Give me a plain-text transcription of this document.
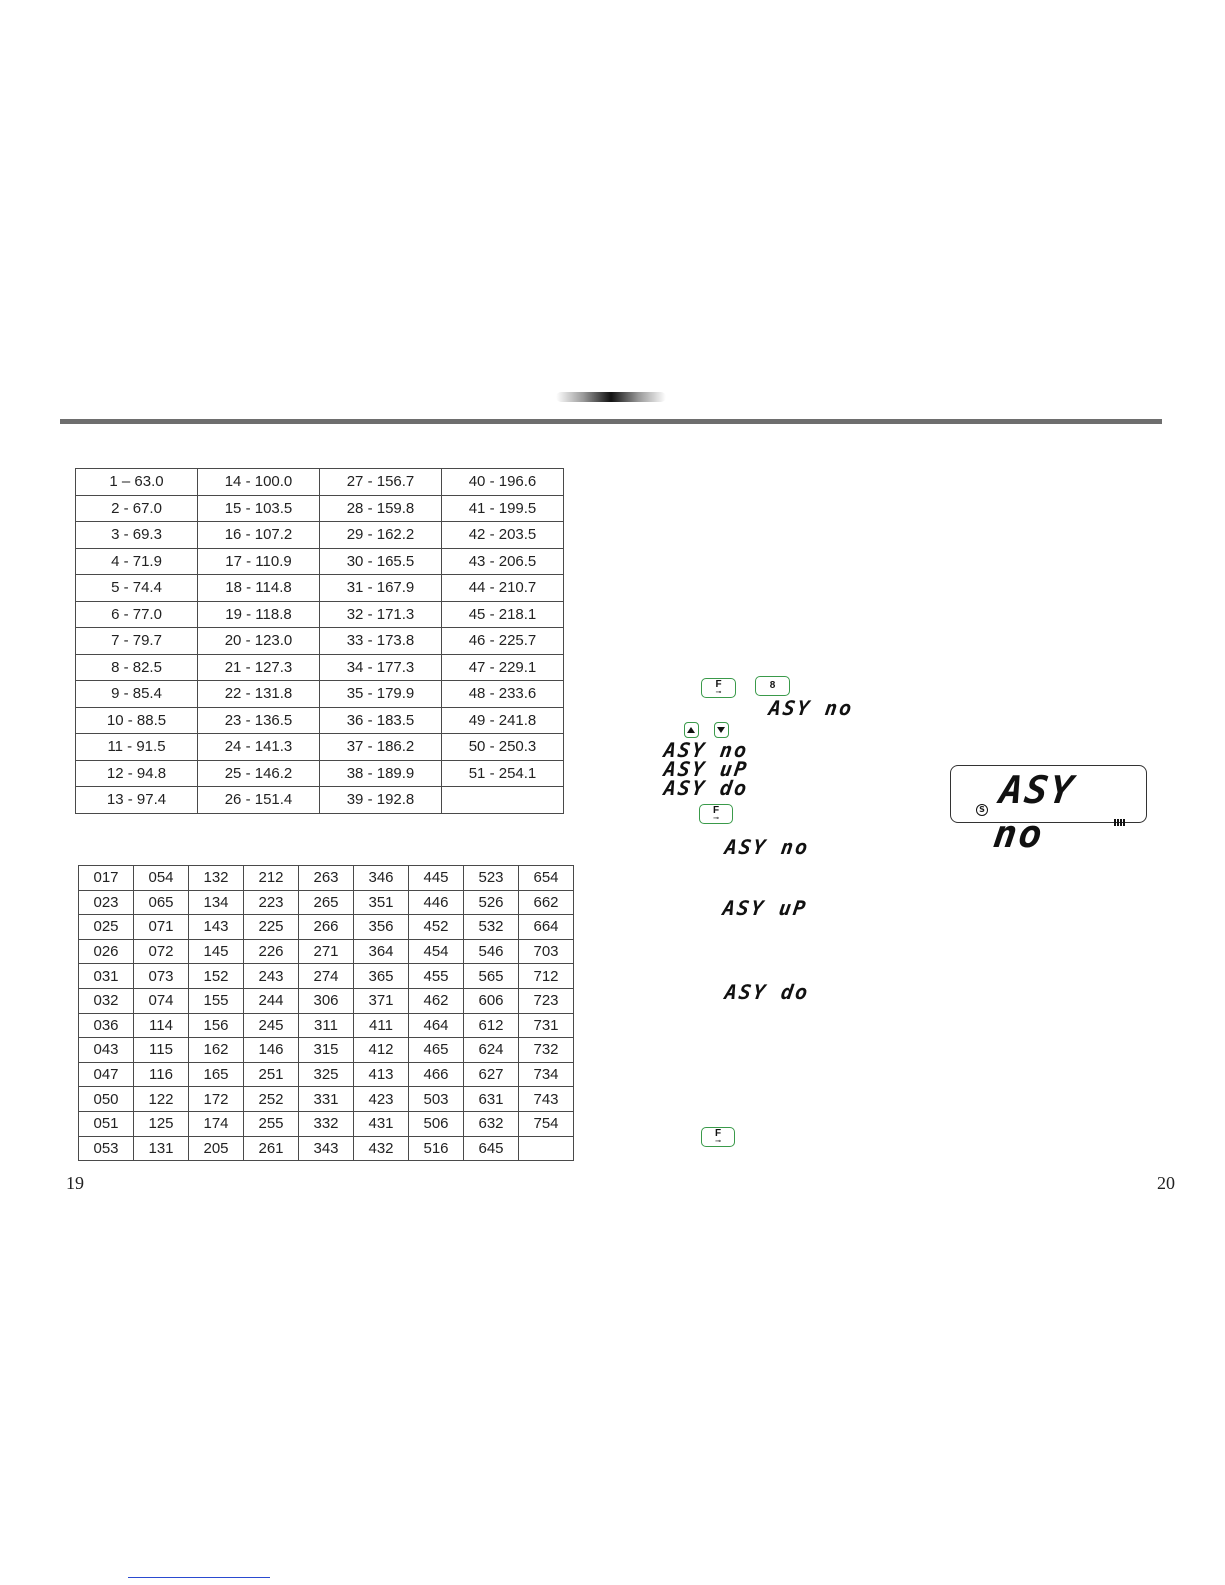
1 – 63.0	14 - 100.0	27 - 156.7	40 - 196.6
2 - 67.0	15 - 103.5	28 - 159.8	41 - 199.5
3 - 69.3	16 - 107.2	29 - 162.2	42 - 203.5
4 - 71.9	17 - 110.9	30 - 165.5	43 - 206.5
5 - 74.4	18 - 114.8	31 - 167.9	44 - 210.7
6 - 77.0	19 - 118.8	32 - 171.3	45 - 218.1
7 - 79.7	20 - 123.0	33 - 173.8	46 - 225.7
8 - 82.5	21 - 127.3	34 - 177.3	47 - 229.1
9 - 85.4	22 - 131.8	35 - 179.9	48 - 233.6
10 - 88.5	23 - 136.5	36 - 183.5	49 - 241.8
11 - 91.5	24 - 141.3	37 - 186.2	50 - 250.3
12 - 94.8	25 - 146.2	38 - 189.9	51 - 254.1
13 - 97.4	26 - 151.4	39 - 192.8	
017	054	132	212	263	346	445	523	654
023	065	134	223	265	351	446	526	662
025	071	143	225	266	356	452	532	664
026	072	145	226	271	364	454	546	703
031	073	152	243	274	365	455	565	712
032	074	155	244	306	371	462	606	723
036	114	156	245	311	411	464	612	731
043	115	162	146	315	412	465	624	732
047	116	165	251	325	413	466	627	734
050	122	172	252	331	423	503	631	743
051	125	174	255	332	431	506	632	754
053	131	205	261	343	432	516	645	
F
⊸
8
ASY no
ASY no
ASY uP
ASY do
F
⊸
ASY no
S
ASY no
ASY uP
ASY do
F
⊸
19	20
